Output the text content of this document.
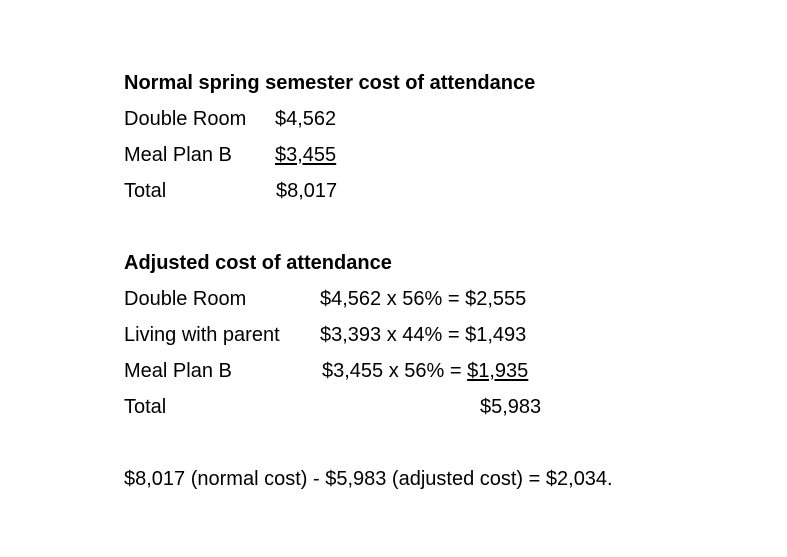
Normal spring semester cost of attendance
Double Room $4,562
Meal Plan B $3,455
Total	$8,017
Adjusted cost of attendance
Double Room	$4,562 x 56% = $2,555
Living with parent $3,393 x 44% = $1,493
Meal Plan B	$3,455 x 56% = $1,935
Total	$5,983
$8,017 (normal cost) - $5,983 (adjusted cost) = $2,034.
